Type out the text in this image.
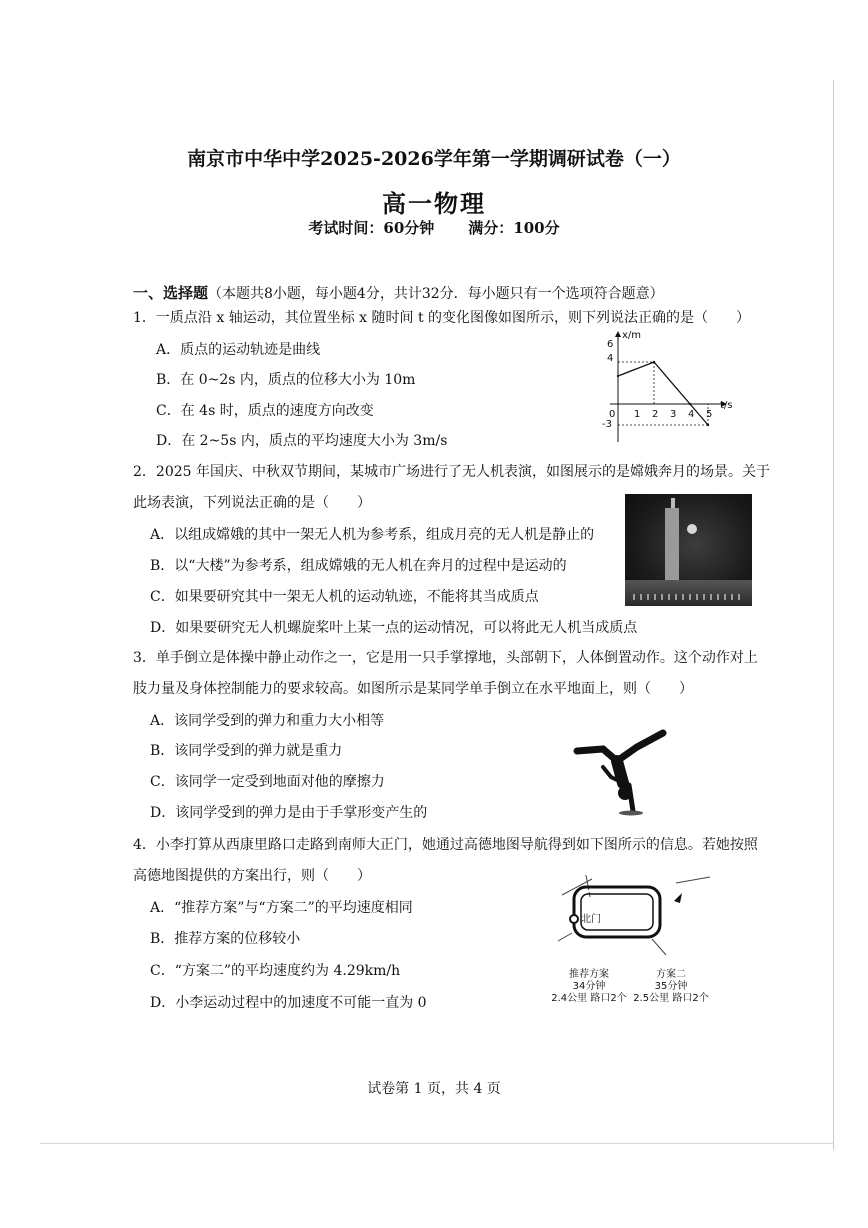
南京市中华中学2025-2026学年第一学期调研试卷（一）
高一物理
考试时间：60分钟 满分：100分
一、选择题（本题共8小题，每小题4分，共计32分．每小题只有一个选项符合题意）
1．一质点沿 x 轴运动，其位置坐标 x 随时间 t 的变化图像如图所示，则下列说法正确的是（　　）
A．质点的运动轨迹是曲线
B．在 0~2s 内，质点的位移大小为 10m
C．在 4s 时，质点的速度方向改变
D．在 2~5s 内，质点的平均速度大小为 3m/s
x/m
t/s
6
4
-3
0 1 2 3 4 5
2．2025 年国庆、中秋双节期间，某城市广场进行了无人机表演，如图展示的是嫦娥奔月的场景。关于
此场表演，下列说法正确的是（　　）
A．以组成嫦娥的其中一架无人机为参考系，组成月亮的无人机是静止的
B．以“大楼”为参考系，组成嫦娥的无人机在奔月的过程中是运动的
C．如果要研究其中一架无人机的运动轨迹，不能将其当成质点
D．如果要研究无人机螺旋桨叶上某一点的运动情况，可以将此无人机当成质点
3．单手倒立是体操中静止动作之一，它是用一只手掌撑地，头部朝下，人体倒置动作。这个动作对上
肢力量及身体控制能力的要求较高。如图所示是某同学单手倒立在水平地面上，则（　　）
A．该同学受到的弹力和重力大小相等
B．该同学受到的弹力就是重力
C．该同学一定受到地面对他的摩擦力
D．该同学受到的弹力是由于手掌形变产生的
4．小李打算从西康里路口走路到南师大正门，她通过高德地图导航得到如下图所示的信息。若她按照
高德地图提供的方案出行，则（　　）
A．“推荐方案”与“方案二”的平均速度相同
B．推荐方案的位移较小
C．“方案二”的平均速度约为 4.29km/h
D．小李运动过程中的加速度不可能一直为 0
北门
推荐方案
34分钟
2.4公里 路口2个
方案二
35分钟
2.5公里 路口2个
试卷第 1 页，共 4 页
